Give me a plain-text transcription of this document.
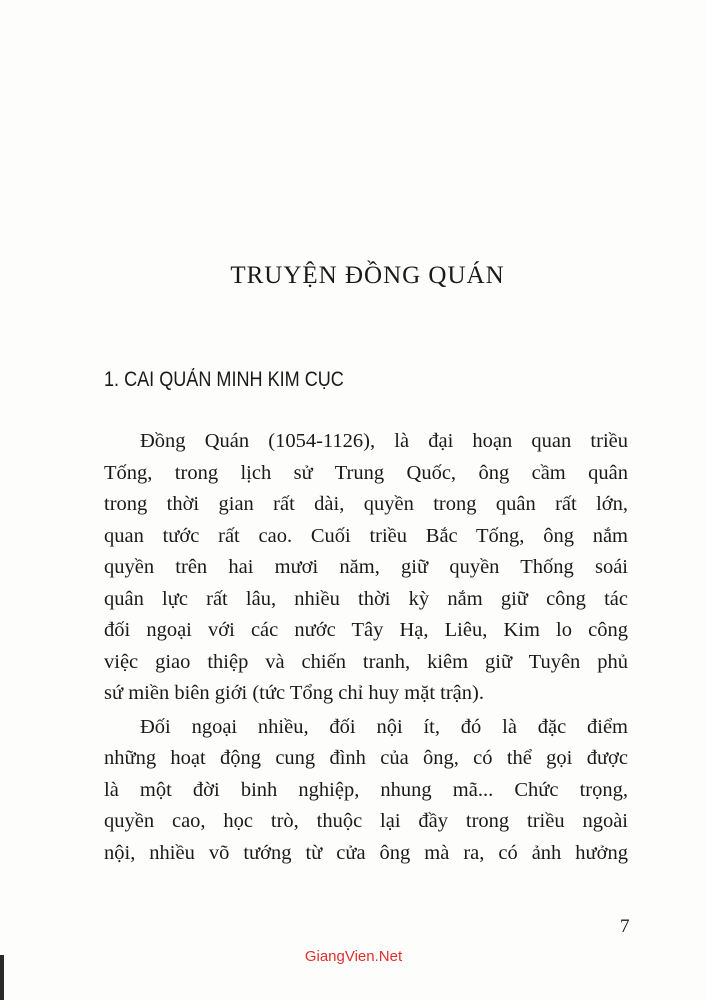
TRUYỆN ĐỒNG QUÁN
1. CAI QUẢN MINH KIM CỤC
Đồng Quán (1054-1126), là đại hoạn quan triều
Tống, trong lịch sử Trung Quốc, ông cầm quân
trong thời gian rất dài, quyền trong quân rất lớn,
quan tước rất cao. Cuối triều Bắc Tống, ông nắm
quyền trên hai mươi năm, giữ quyền Thống soái
quân lực rất lâu, nhiều thời kỳ nắm giữ công tác
đối ngoại với các nước Tây Hạ, Liêu, Kim lo công
việc giao thiệp và chiến tranh, kiêm giữ Tuyên phủ
sứ miền biên giới (tức Tổng chỉ huy mặt trận).
Đối ngoại nhiều, đối nội ít, đó là đặc điểm
những hoạt động cung đình của ông, có thể gọi được
là một đời binh nghiệp, nhung mã... Chức trọng,
quyền cao, học trò, thuộc lại đầy trong triều ngoài
nội, nhiều võ tướng từ cửa ông mà ra, có ảnh hưởng
7
GiangVien.Net
